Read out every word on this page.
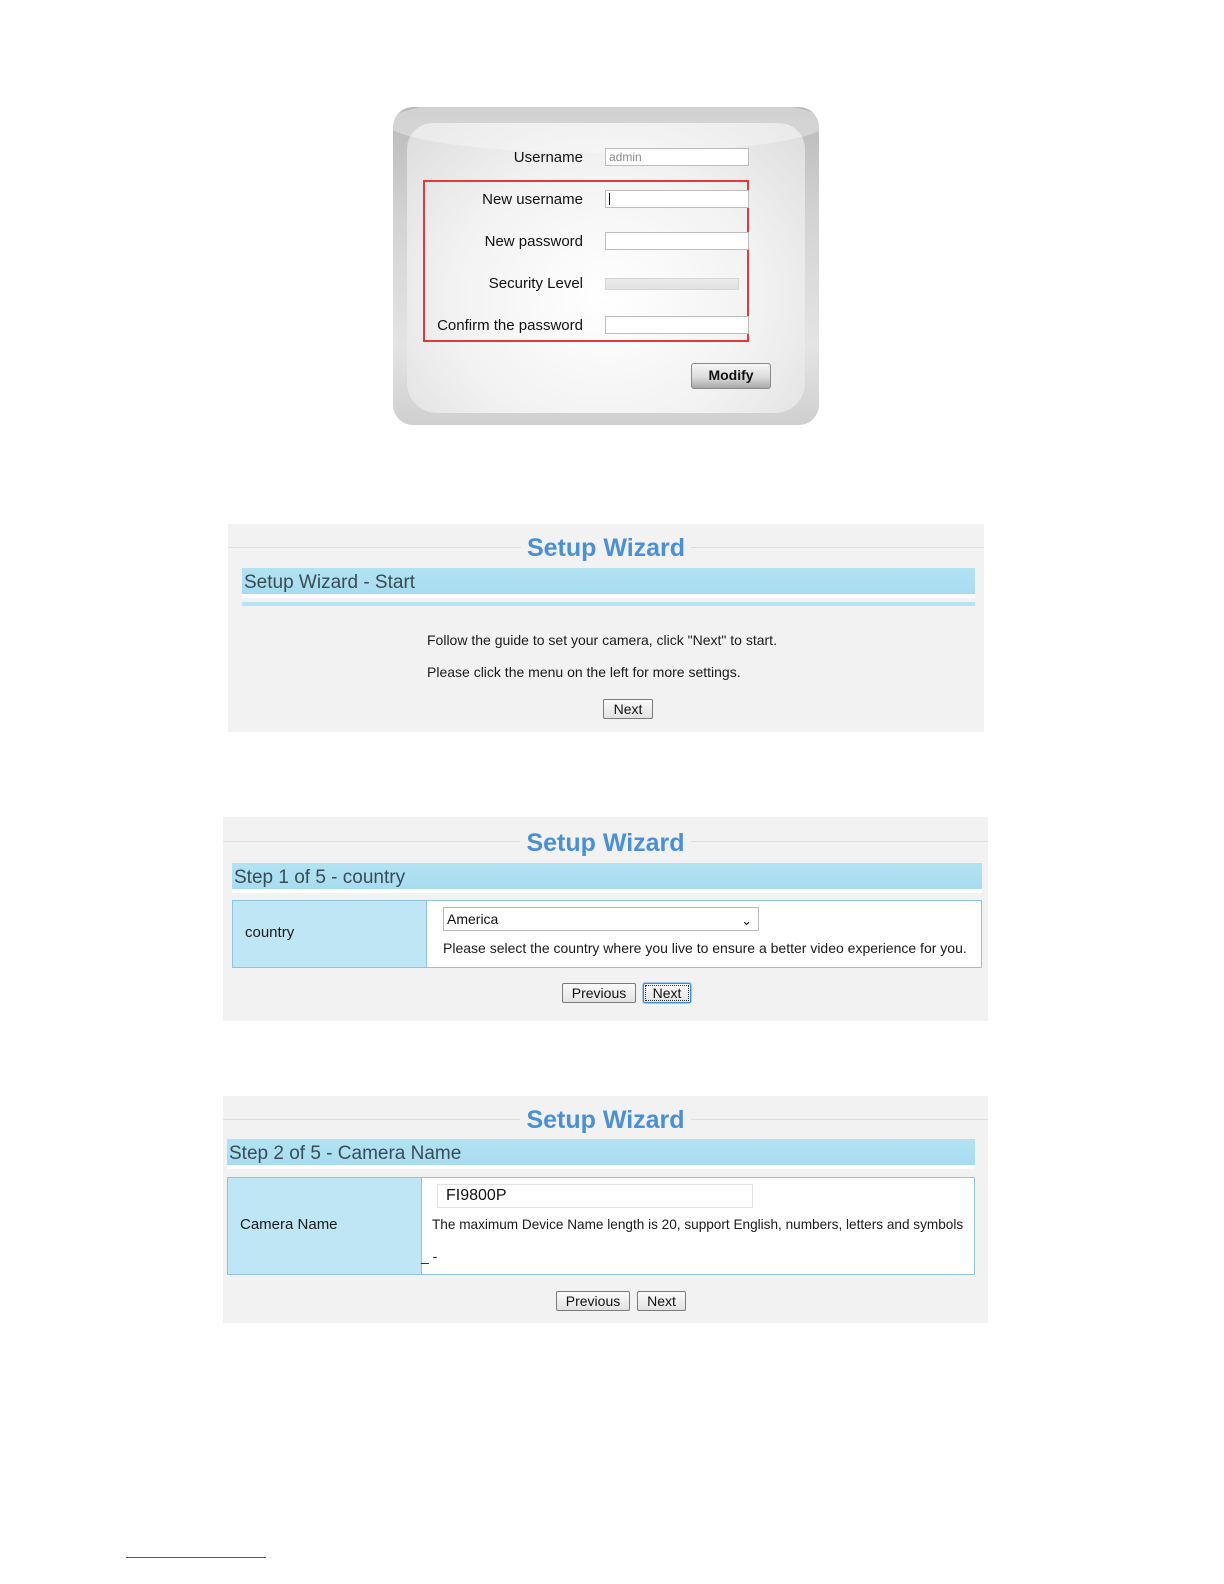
Username	admin
New username
New password
Security Level
Confirm the password
Modify
Setup Wizard
Setup Wizard - Start
Follow the guide to set your camera, click "Next" to start.
Please click the menu on the left for more settings.
Next
Setup Wizard
Step 1 of 5 - country
country
America	⌄
Please select the country where you live to ensure a better video experience for you.
Previous	Next
Setup Wizard
Step 2 of 5 - Camera Name
Camera Name
FI9800P
The maximum Device Name length is 20, support English, numbers, letters and symbols
_ -
Previous	Next
